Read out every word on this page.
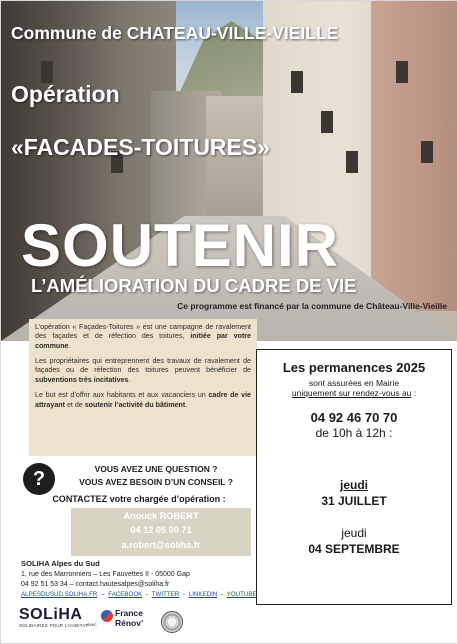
Commune de CHATEAU-VILLE-VIEILLE
Opération
«FACADES-TOITURES»
SOUTENIR
L’AMÉLIORATION DU CADRE DE VIE
Ce programme est financé par la commune de Château-Ville-Vieille

L’opération « Façades-Toitures » est une campagne de ravalement des façades et de réfection des toitures, initiée par votre commune.

Les propriétaires qui entreprennent des travaux de ravalement de façades ou de réfection des toitures peuvent bénéficier de subventions très incitatives.

Le but est d’offrir aux habitants et aux vacanciers un cadre de vie attrayant et de soutenir l’activité du bâtiment.

Les permanences 2025
sont assurées en Mairie
uniquement sur rendez-vous au :
04 92 46 70 70
de 10h à 12h :
jeudi
31 JUILLET
jeudi
04 SEPTEMBRE
?	VOUS AVEZ UNE QUESTION ?
VOUS AVEZ BESOIN D’UN CONSEIL ?
CONTACTEZ votre chargée d’opération :
Anouck ROBERT
04 12 05 00 71
a.robert@soliha.fr
SOLIHA Alpes du Sud
1, rue des Marronniers – Les Fauvettes II - 05000 Gap
04 92 51 53 34 – contact.hautesalpes@soliha.fr
ALPESDUSUD.SOLIHA.FR – FACEBOOK - TWITTER - LINKEDIN - YOUTUBE
SOLiHA
SOLIDAIRES POUR L’HABITAT
avec
France
Rénov’
